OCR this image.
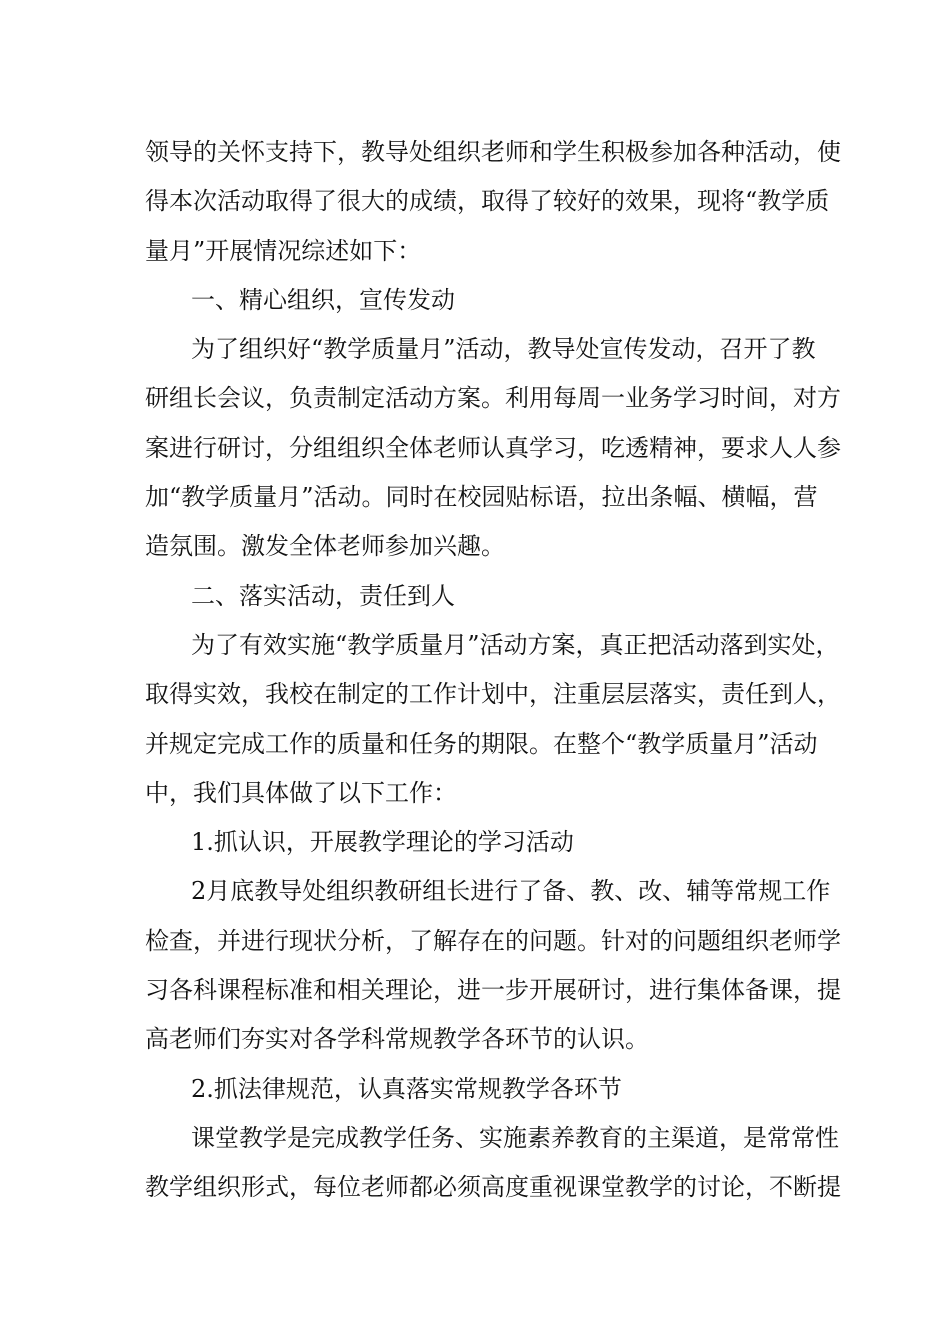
领导的关怀支持下，教导处组织老师和学生积极参加各种活动，使
得本次活动取得了很大的成绩，取得了较好的效果，现将“教学质
量月”开展情况综述如下：
一、精心组织，宣传发动
为了组织好“教学质量月”活动，教导处宣传发动，召开了教
研组长会议，负责制定活动方案。利用每周一业务学习时间，对方
案进行研讨，分组组织全体老师认真学习，吃透精神，要求人人参
加“教学质量月”活动。同时在校园贴标语，拉出条幅、横幅，营
造氛围。激发全体老师参加兴趣。
二、落实活动，责任到人
为了有效实施“教学质量月”活动方案，真正把活动落到实处，
取得实效，我校在制定的工作计划中，注重层层落实，责任到人，
并规定完成工作的质量和任务的期限。在整个“教学质量月”活动
中，我们具体做了以下工作：
1.抓认识，开展教学理论的学习活动
2月底教导处组织教研组长进行了备、教、改、辅等常规工作
检查，并进行现状分析，了解存在的问题。针对的问题组织老师学
习各科课程标准和相关理论，进一步开展研讨，进行集体备课，提
高老师们夯实对各学科常规教学各环节的认识。
2.抓法律规范，认真落实常规教学各环节
课堂教学是完成教学任务、实施素养教育的主渠道，是常常性
教学组织形式，每位老师都必须高度重视课堂教学的讨论，不断提
